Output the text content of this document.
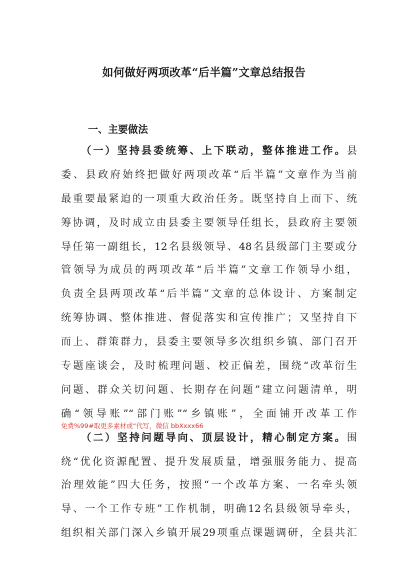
如何做好两项改革“后半篇”文章总结报告
一、主要做法
（一）坚持县委统筹、上下联动，整体推进工作。县
委、县政府始终把做好两项改革“后半篇”文章作为当前
最重要最紧迫的一项重大政治任务。既坚持自上而下、统
筹协调，及时成立由县委主要领导任组长，县政府主要领
导任第一副组长，12名县级领导、48名县级部门主要或分
管领导为成员的两项改革“后半篇”文章工作领导小组，
负责全县两项改革“后半篇”文章的总体设计、方案制定
统筹协调、整体推进、督促落实和宣传推广；又坚持自下
而上、群策群力，县委主要领导多次组织乡镇、部门召开
专题座谈会，及时梳理问题、校正偏差，围绕“改革衍生
问题、群众关切问题、长期存在问题”建立问题清单，明
确“领导账”“部门账”“乡镇账”，全面铺开改革工作
免费%99#取更多素材或“代写，微信 bbXxxx66
（二）坚持问题导向、顶层设计，精心制定方案。围
绕“优化资源配置、提升发展质量，增强服务能力、提高
治理效能”四大任务，按照“一个改革方案、一名牵头领
导、一个工作专班”工作机制，明确12名县级领导牵头，
组织相关部门深入乡镇开展29项重点课题调研，全县共汇
